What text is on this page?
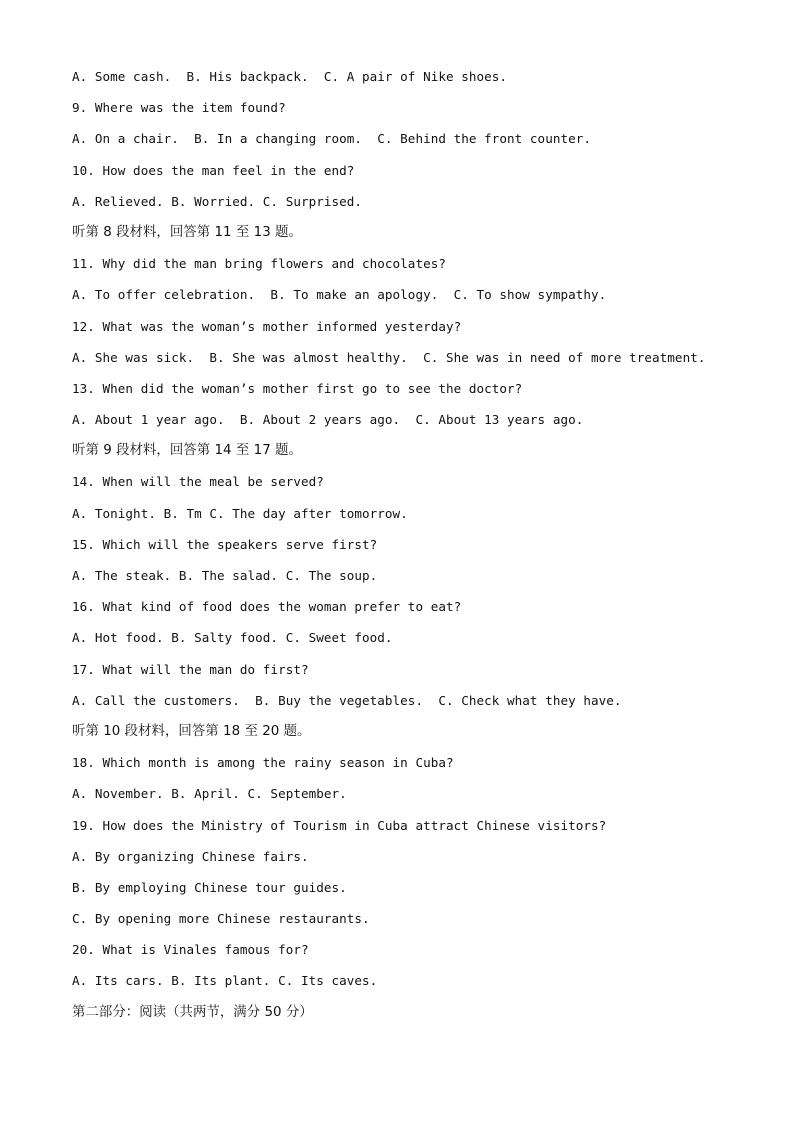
A. Some cash.  B. His backpack.  C. A pair of Nike shoes.
9. Where was the item found?
A. On a chair.  B. In a changing room.  C. Behind the front counter.
10. How does the man feel in the end?
A. Relieved. B. Worried. C. Surprised.
听第 8 段材料，回答第 11 至 13 题。
11. Why did the man bring flowers and chocolates?
A. To offer celebration.  B. To make an apology.  C. To show sympathy.
12. What was the woman’s mother informed yesterday?
A. She was sick.  B. She was almost healthy.  C. She was in need of more treatment.
13. When did the woman’s mother first go to see the doctor?
A. About 1 year ago.  B. About 2 years ago.  C. About 13 years ago.
听第 9 段材料，回答第 14 至 17 题。
14. When will the meal be served?
A. Tonight. B. Tm C. The day after tomorrow.
15. Which will the speakers serve first?
A. The steak. B. The salad. C. The soup.
16. What kind of food does the woman prefer to eat?
A. Hot food. B. Salty food. C. Sweet food.
17. What will the man do first?
A. Call the customers.  B. Buy the vegetables.  C. Check what they have.
听第 10 段材料，回答第 18 至 20 题。
18. Which month is among the rainy season in Cuba?
A. November. B. April. C. September.
19. How does the Ministry of Tourism in Cuba attract Chinese visitors?
A. By organizing Chinese fairs.
B. By employing Chinese tour guides.
C. By opening more Chinese restaurants.
20. What is Vinales famous for?
A. Its cars. B. Its plant. C. Its caves.
第二部分：阅读（共两节，满分 50 分）
